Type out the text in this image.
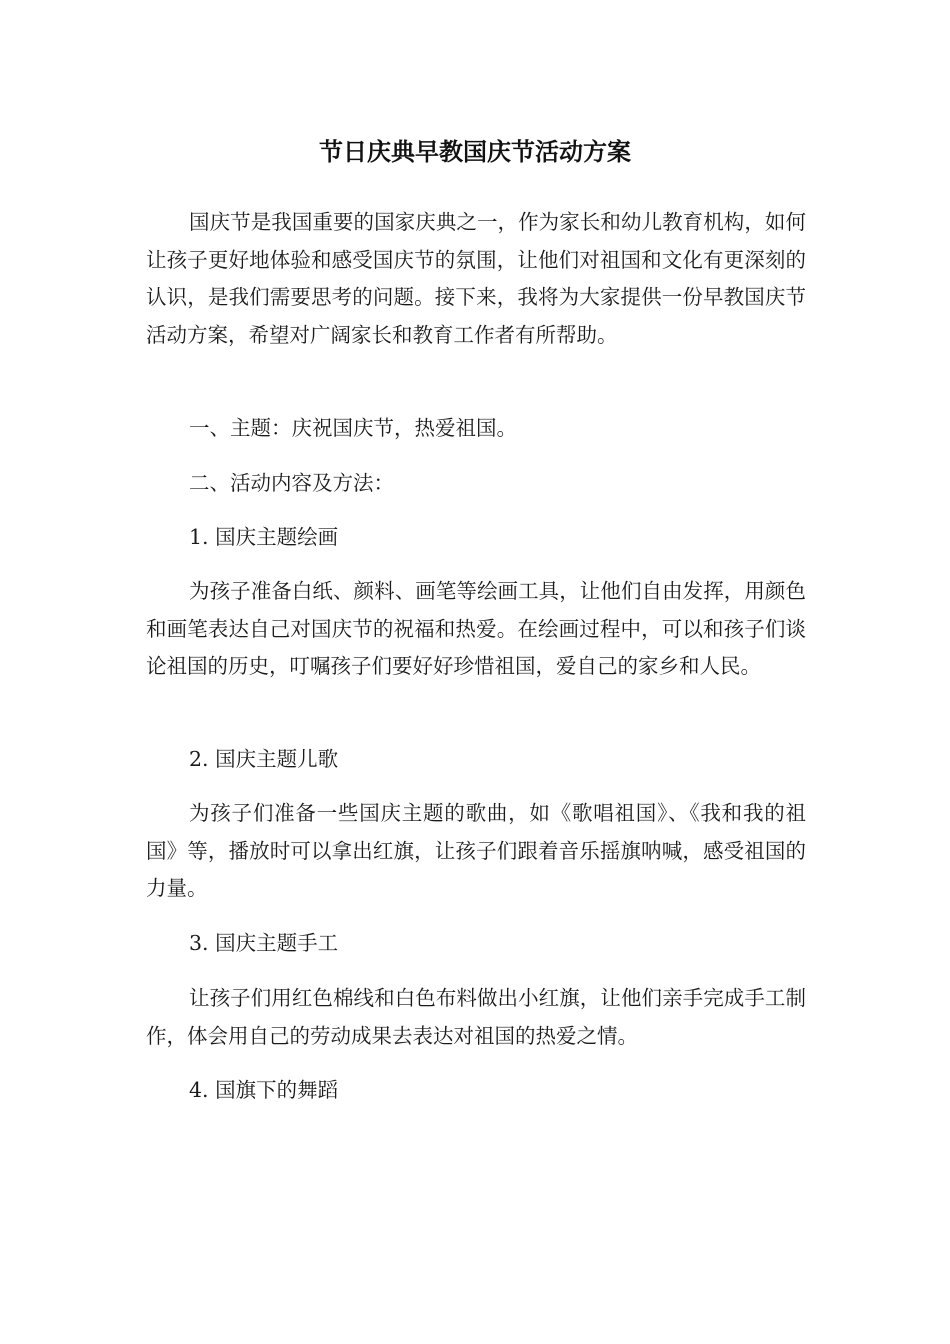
节日庆典早教国庆节活动方案

国庆节是我国重要的国家庆典之一，作为家长和幼儿教育机构，如何让孩子更好地体验和感受国庆节的氛围，让他们对祖国和文化有更深刻的认识，是我们需要思考的问题。接下来，我将为大家提供一份早教国庆节活动方案，希望对广阔家长和教育工作者有所帮助。

一、主题：庆祝国庆节，热爱祖国。

二、活动内容及方法：

1. 国庆主题绘画

为孩子准备白纸、颜料、画笔等绘画工具，让他们自由发挥，用颜色和画笔表达自己对国庆节的祝福和热爱。在绘画过程中，可以和孩子们谈论祖国的历史，叮嘱孩子们要好好珍惜祖国，爱自己的家乡和人民。

2. 国庆主题儿歌

为孩子们准备一些国庆主题的歌曲，如《歌唱祖国》、《我和我的祖国》等，播放时可以拿出红旗，让孩子们跟着音乐摇旗呐喊，感受祖国的力量。

3. 国庆主题手工

让孩子们用红色棉线和白色布料做出小红旗，让他们亲手完成手工制作，体会用自己的劳动成果去表达对祖国的热爱之情。

4. 国旗下的舞蹈
